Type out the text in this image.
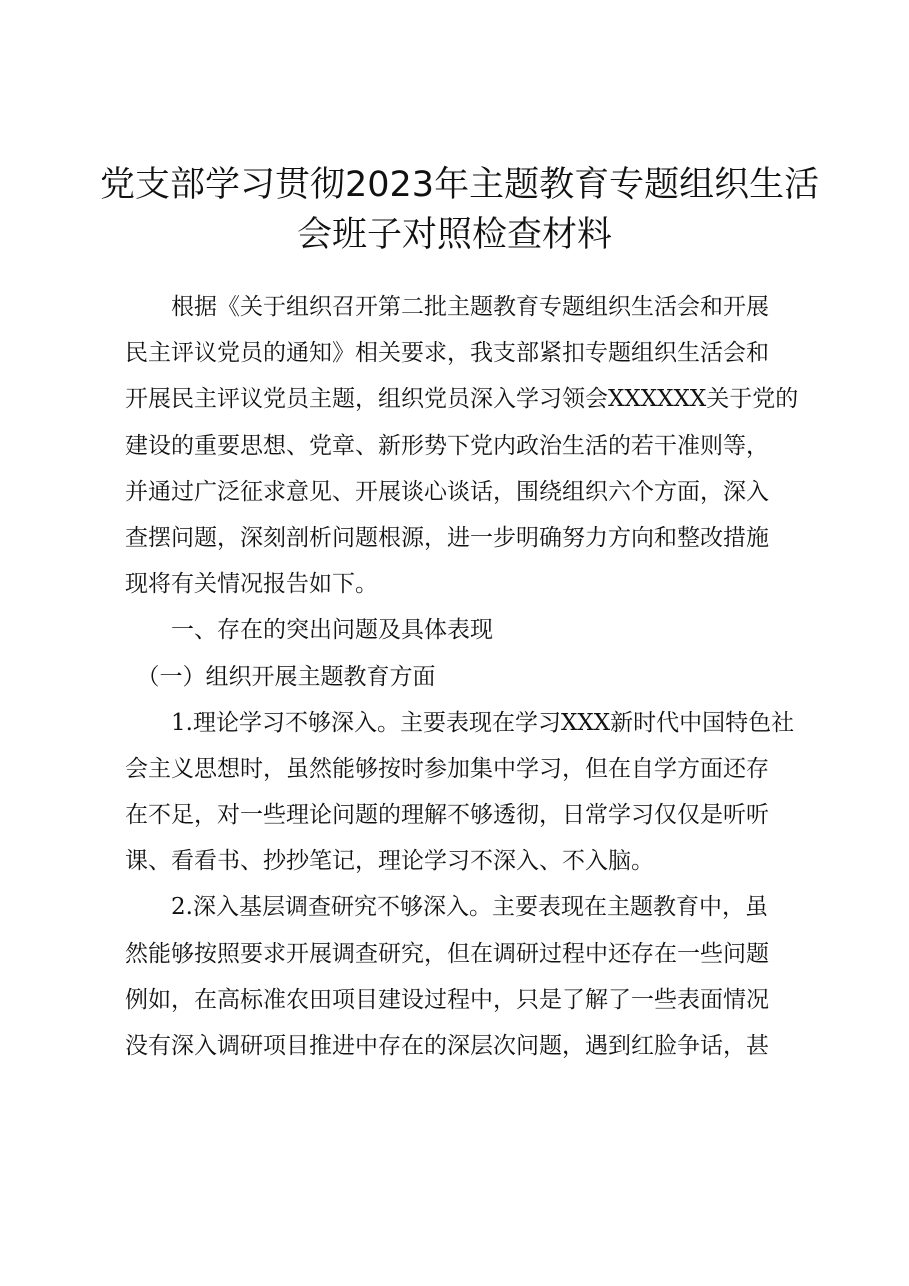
党支部学习贯彻2023年主题教育专题组织生活
会班子对照检查材料
　　根据《关于组织召开第二批主题教育专题组织生活会和开展
民主评议党员的通知》相关要求，我支部紧扣专题组织生活会和
开展民主评议党员主题，组织党员深入学习领会XXXXXX关于党的
建设的重要思想、党章、新形势下党内政治生活的若干准则等，
并通过广泛征求意见、开展谈心谈话，围绕组织六个方面，深入
查摆问题，深刻剖析问题根源，进一步明确努力方向和整改措施
现将有关情况报告如下。
　　一、存在的突出问题及具体表现
　（一）组织开展主题教育方面
　　1.理论学习不够深入。主要表现在学习XXX新时代中国特色社
会主义思想时，虽然能够按时参加集中学习，但在自学方面还存
在不足，对一些理论问题的理解不够透彻，日常学习仅仅是听听
课、看看书、抄抄笔记，理论学习不深入、不入脑。
　　2.深入基层调查研究不够深入。主要表现在主题教育中，虽
然能够按照要求开展调查研究，但在调研过程中还存在一些问题
例如，在高标准农田项目建设过程中，只是了解了一些表面情况
没有深入调研项目推进中存在的深层次问题，遇到红脸争话，甚
